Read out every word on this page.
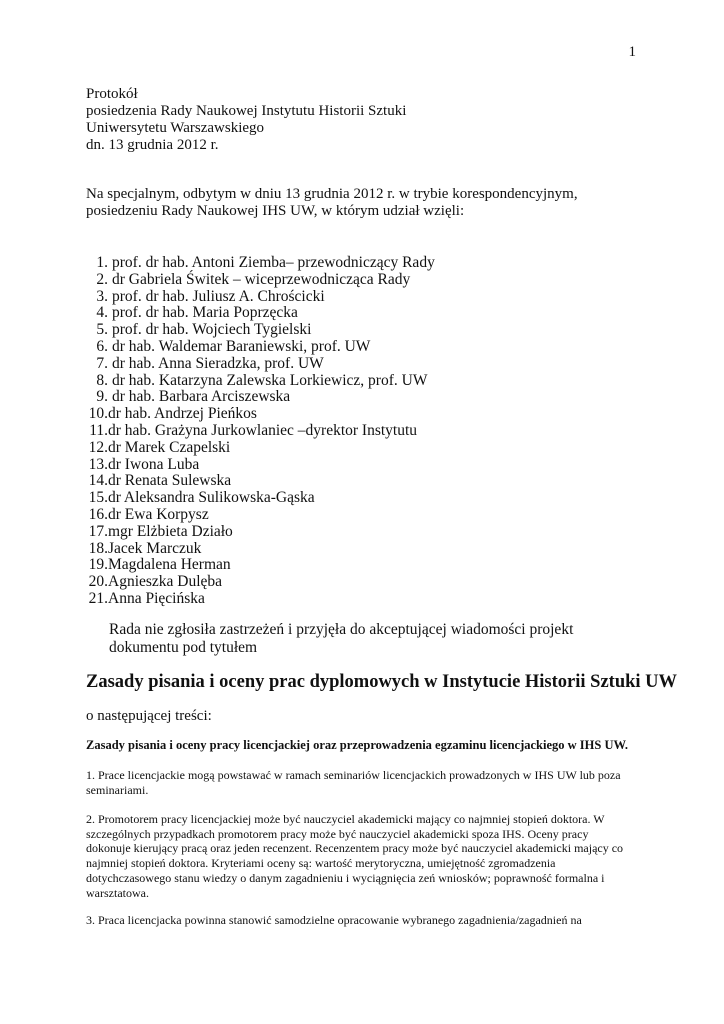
1
Protokół
posiedzenia Rady Naukowej Instytutu Historii Sztuki
Uniwersytetu Warszawskiego
dn. 13 grudnia 2012 r.
Na specjalnym, odbytym w dniu 13 grudnia 2012 r. w trybie korespondencyjnym, posiedzeniu Rady Naukowej IHS UW, w którym udział wzięli:
1. prof. dr hab. Antoni Ziemba– przewodniczący Rady
2. dr Gabriela Świtek – wiceprzewodnicząca Rady
3. prof. dr hab. Juliusz A. Chrościcki
4. prof. dr hab. Maria Poprzęcka
5. prof. dr hab. Wojciech Tygielski
6. dr hab. Waldemar Baraniewski, prof. UW
7. dr hab. Anna Sieradzka, prof. UW
8. dr hab. Katarzyna Zalewska Lorkiewicz, prof. UW
9. dr hab. Barbara Arciszewska
10. dr hab. Andrzej Pieńkos
11. dr hab. Grażyna Jurkowlaniec –dyrektor Instytutu
12. dr Marek Czapelski
13. dr Iwona Luba
14. dr Renata Sulewska
15. dr Aleksandra Sulikowska-Gąska
16. dr Ewa Korpysz
17. mgr Elżbieta Działo
18. Jacek Marczuk
19. Magdalena Herman
20. Agnieszka Dulęba
21. Anna Pięcińska
Rada nie zgłosiła zastrzeżeń i przyjęła do akceptującej wiadomości projekt dokumentu pod tytułem
Zasady pisania i oceny prac dyplomowych w Instytucie Historii Sztuki UW
o następującej treści:
Zasady pisania i oceny pracy licencjackiej oraz przeprowadzenia egzaminu licencjackiego w IHS UW.
1. Prace licencjackie mogą powstawać w ramach seminariów licencjackich prowadzonych w IHS UW lub poza seminariami.
2. Promotorem pracy licencjackiej może być nauczyciel akademicki mający co najmniej stopień doktora. W szczególnych przypadkach promotorem pracy może być nauczyciel akademicki spoza IHS. Oceny pracy dokonuje kierujący pracą oraz jeden recenzent. Recenzentem pracy może być nauczyciel akademicki mający co najmniej stopień doktora. Kryteriami oceny są: wartość merytoryczna, umiejętność zgromadzenia dotychczasowego stanu wiedzy o danym zagadnieniu i wyciągnięcia zeń wniosków; poprawność formalna i warsztatowa.
3. Praca licencjacka powinna stanowić samodzielne opracowanie wybranego zagadnienia/zagadnień na
